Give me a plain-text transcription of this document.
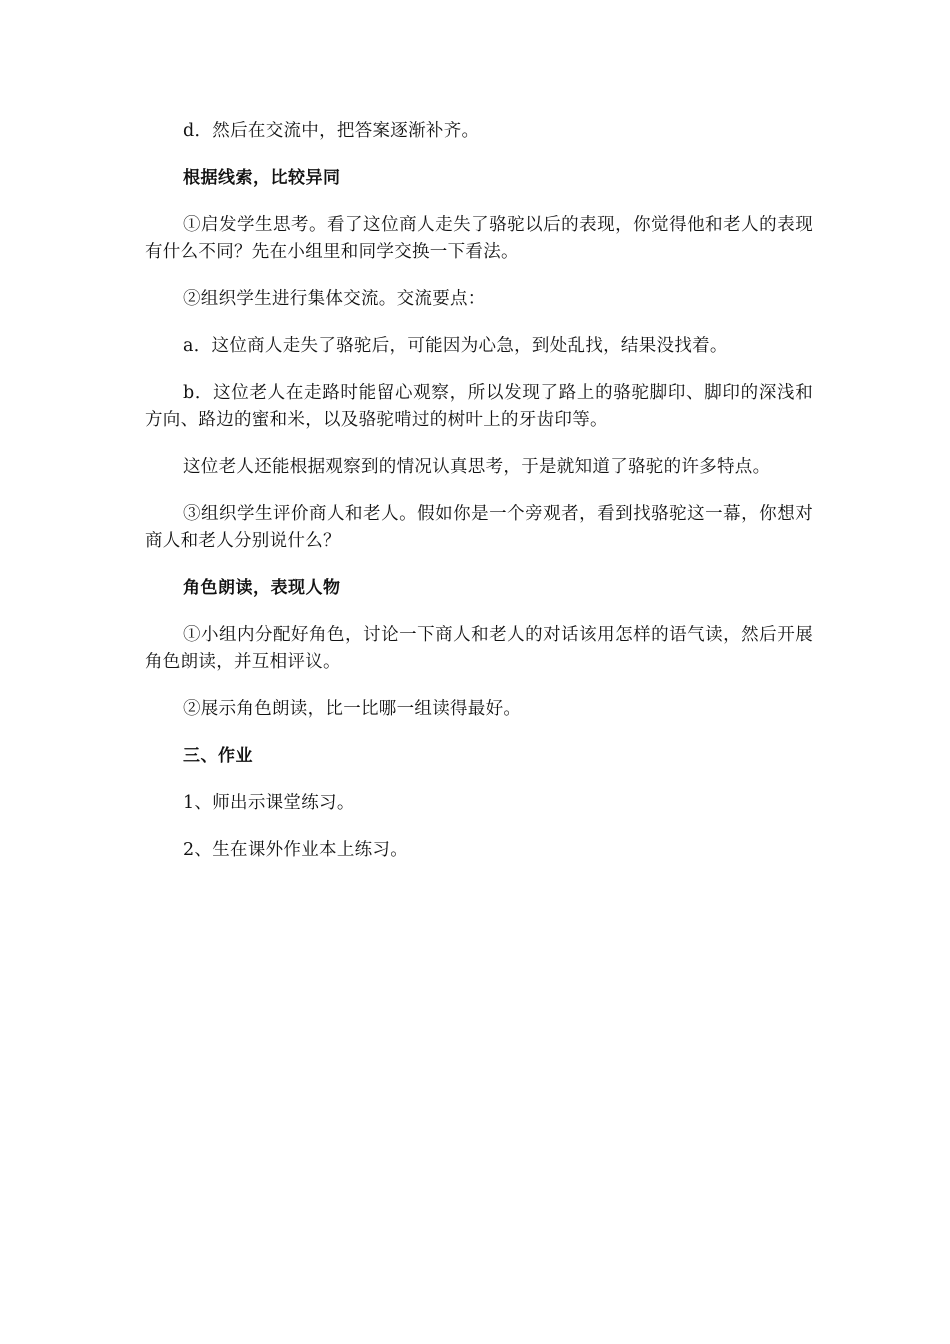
d．然后在交流中，把答案逐渐补齐。

根据线索，比较异同

①启发学生思考。看了这位商人走失了骆驼以后的表现，你觉得他和老人的表现有什么不同？先在小组里和同学交换一下看法。

②组织学生进行集体交流。交流要点：

a．这位商人走失了骆驼后，可能因为心急，到处乱找，结果没找着。

b．这位老人在走路时能留心观察，所以发现了路上的骆驼脚印、脚印的深浅和方向、路边的蜜和米，以及骆驼啃过的树叶上的牙齿印等。

这位老人还能根据观察到的情况认真思考，于是就知道了骆驼的许多特点。

③组织学生评价商人和老人。假如你是一个旁观者，看到找骆驼这一幕，你想对商人和老人分别说什么？

角色朗读，表现人物

①小组内分配好角色，讨论一下商人和老人的对话该用怎样的语气读，然后开展角色朗读，并互相评议。

②展示角色朗读，比一比哪一组读得最好。

三、作业

1、师出示课堂练习。

2、生在课外作业本上练习。
